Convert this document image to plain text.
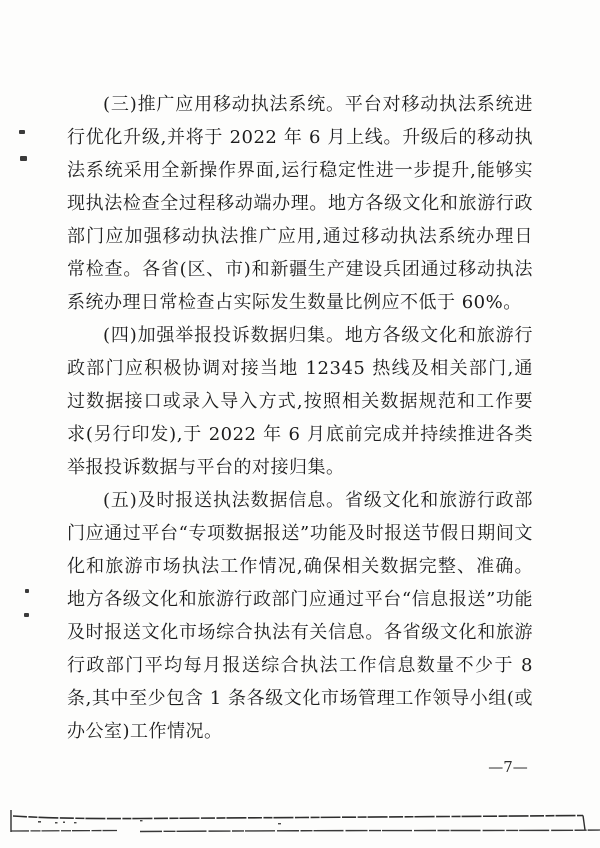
(三)推广应用移动执法系统。平台对移动执法系统进行优化升级,并将于 2022 年 6 月上线。升级后的移动执法系统采用全新操作界面,运行稳定性进一步提升,能够实现执法检查全过程移动端办理。地方各级文化和旅游行政部门应加强移动执法推广应用,通过移动执法系统办理日常检查。各省(区、市)和新疆生产建设兵团通过移动执法系统办理日常检查占实际发生数量比例应不低于 60%。

(四)加强举报投诉数据归集。地方各级文化和旅游行政部门应积极协调对接当地 12345 热线及相关部门,通过数据接口或录入导入方式,按照相关数据规范和工作要求(另行印发),于 2022 年 6 月底前完成并持续推进各类举报投诉数据与平台的对接归集。

(五)及时报送执法数据信息。省级文化和旅游行政部门应通过平台“专项数据报送”功能及时报送节假日期间文化和旅游市场执法工作情况,确保相关数据完整、准确。地方各级文化和旅游行政部门应通过平台“信息报送”功能及时报送文化市场综合执法有关信息。各省级文化和旅游行政部门平均每月报送综合执法工作信息数量不少于 8 条,其中至少包含 1 条各级文化市场管理工作领导小组(或办公室)工作情况。

—7—
